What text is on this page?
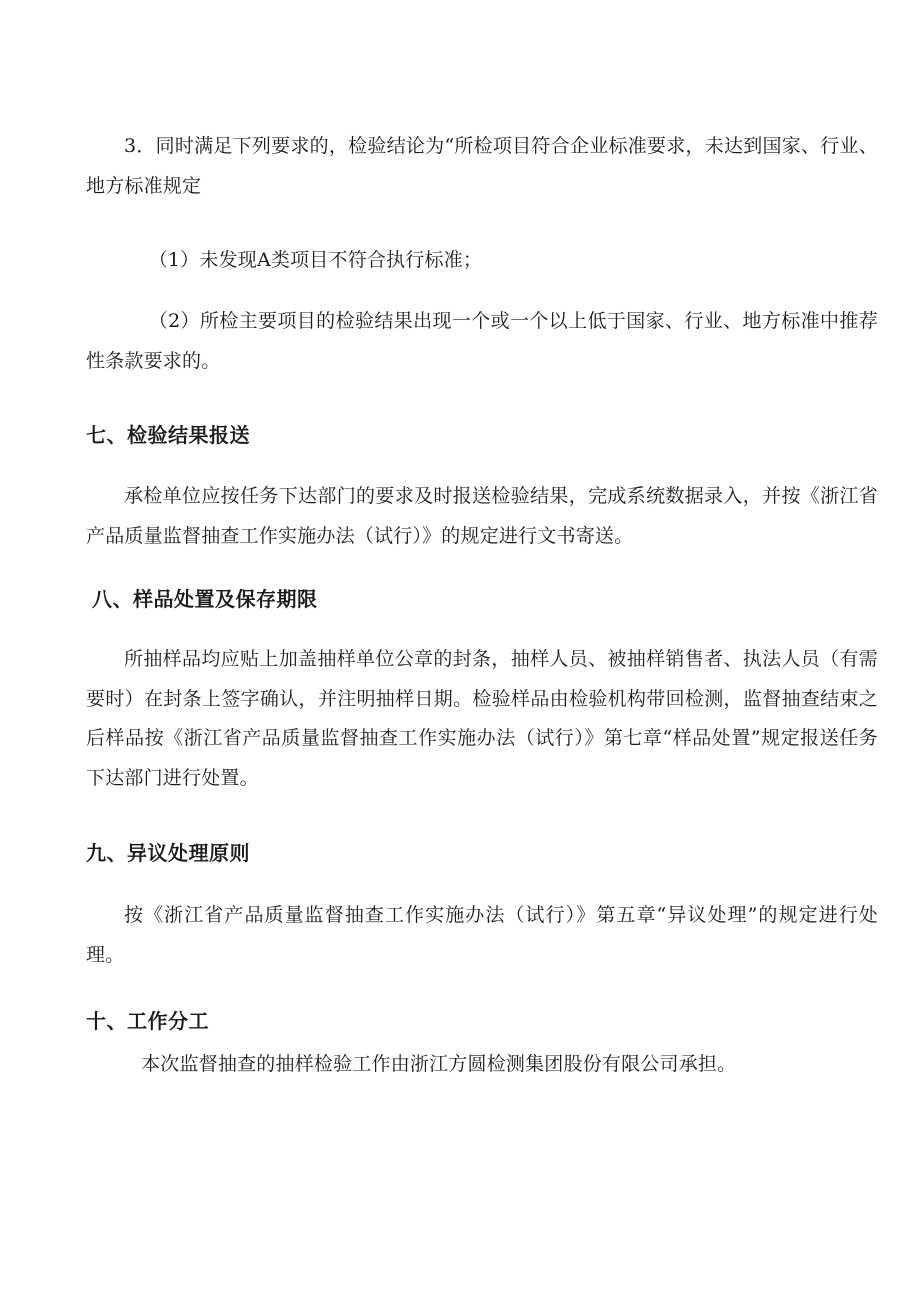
3．同时满足下列要求的，检验结论为“所检项目符合企业标准要求，未达到国家、行业、地方标准规定

（1）未发现A类项目不符合执行标准；

（2）所检主要项目的检验结果出现一个或一个以上低于国家、行业、地方标准中推荐性条款要求的。

七、检验结果报送

承检单位应按任务下达部门的要求及时报送检验结果，完成系统数据录入，并按《浙江省产品质量监督抽查工作实施办法（试行）》的规定进行文书寄送。

八、样品处置及保存期限

所抽样品均应贴上加盖抽样单位公章的封条，抽样人员、被抽样销售者、执法人员（有需要时）在封条上签字确认，并注明抽样日期。检验样品由检验机构带回检测，监督抽查结束之后样品按《浙江省产品质量监督抽查工作实施办法（试行）》第七章“样品处置”规定报送任务下达部门进行处置。

九、异议处理原则

按《浙江省产品质量监督抽查工作实施办法（试行）》第五章“异议处理”的规定进行处理。

十、工作分工

本次监督抽查的抽样检验工作由浙江方圆检测集团股份有限公司承担。
